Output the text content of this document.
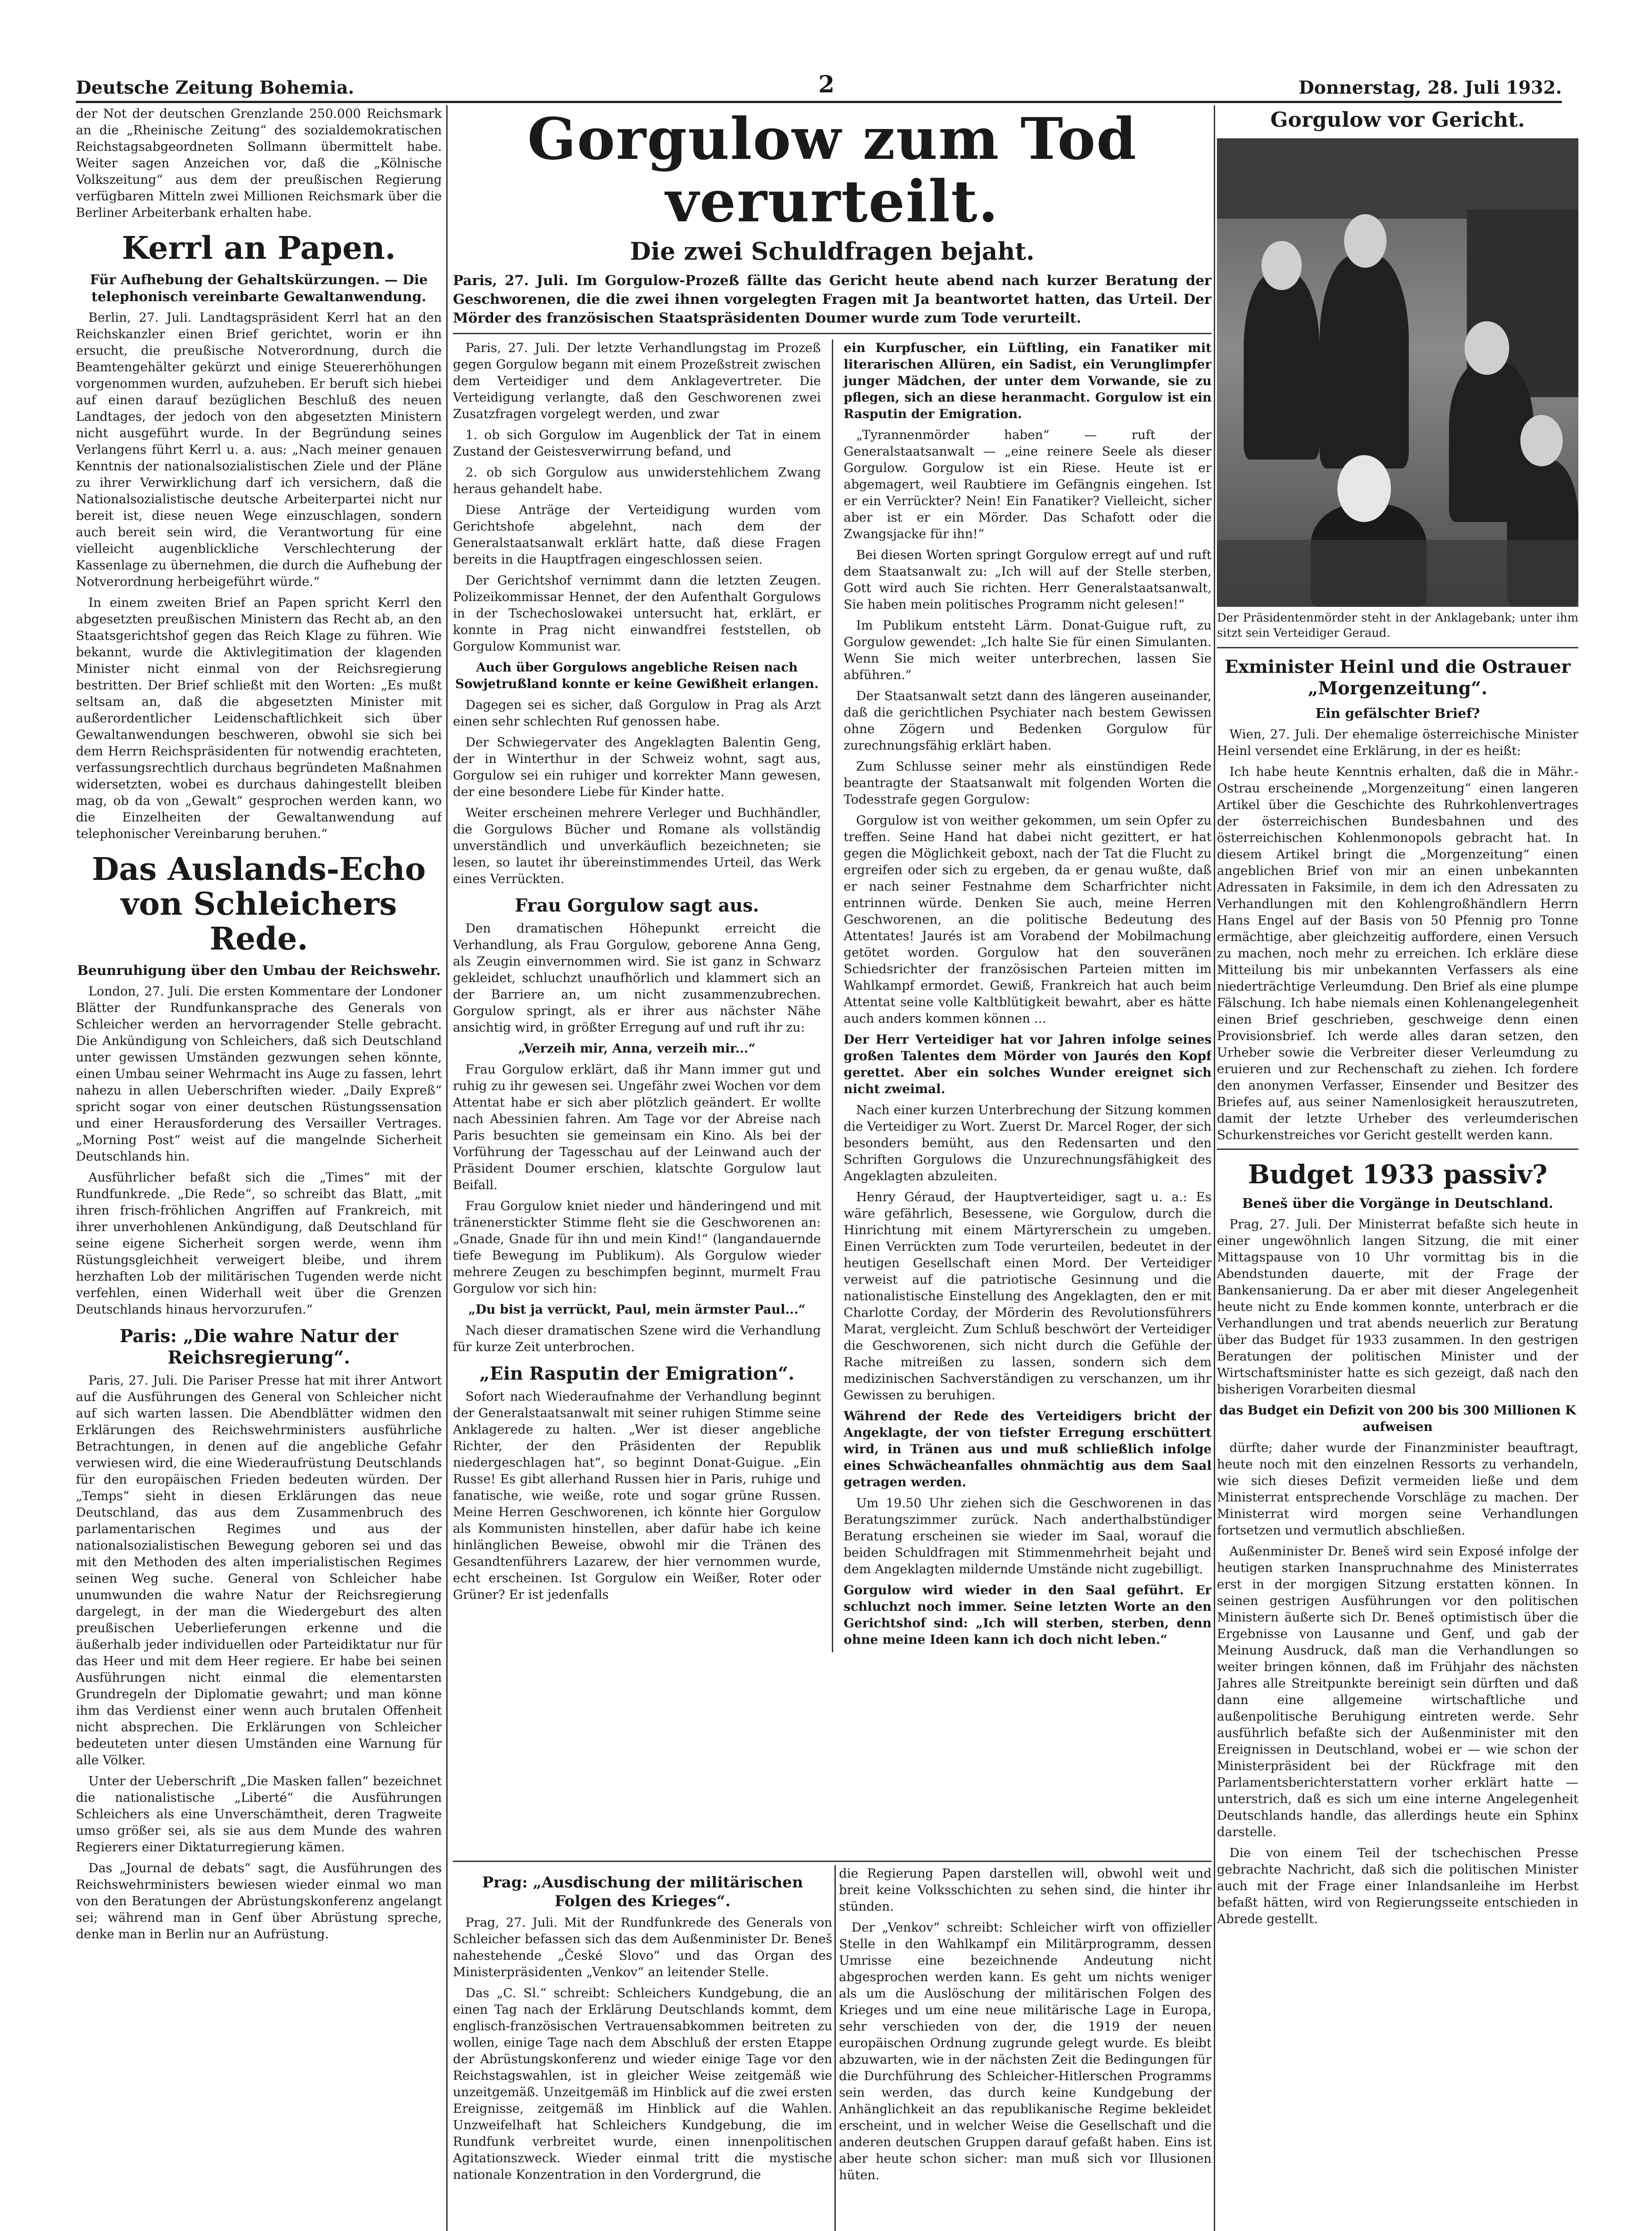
Deutsche Zeitung Bohemia.	2	Donnerstag, 28. Juli 1932.

der Not der deutschen Grenzlande 250.000 Reichsmark an die „Rheinische Zeitung“ des sozialdemokratischen Reichstagsabgeordneten Sollmann übermittelt habe. Weiter sagen Anzeichen vor, daß die „Kölnische Volkszeitung“ aus dem der preußischen Regierung verfügbaren Mitteln zwei Millionen Reichsmark über die Berliner Arbeiterbank erhalten habe.

Kerrl an Papen.
Für Aufhebung der Gehaltskürzungen. — Die telephonisch vereinbarte Gewaltanwendung.

Berlin, 27. Juli. Landtagspräsident Kerrl hat an den Reichskanzler einen Brief gerichtet, worin er ihn ersucht, die preußische Notverordnung, durch die Beamtengehälter gekürzt und einige Steuererhöhungen vorgenommen wurden, aufzuheben. Er beruft sich hiebei auf einen darauf bezüglichen Beschluß des neuen Landtages, der jedoch von den abgesetzten Ministern nicht ausgeführt wurde. In der Begründung seines Verlangens führt Kerrl u. a. aus: „Nach meiner genauen Kenntnis der nationalsozialistischen Ziele und der Pläne zu ihrer Verwirklichung darf ich versichern, daß die Nationalsozialistische deutsche Arbeiterpartei nicht nur bereit ist, diese neuen Wege einzuschlagen, sondern auch bereit sein wird, die Verantwortung für eine vielleicht augenblickliche Verschlechterung der Kassenlage zu übernehmen, die durch die Aufhebung der Notverordnung herbeigeführt würde.“

In einem zweiten Brief an Papen spricht Kerrl den abgesetzten preußischen Ministern das Recht ab, an den Staatsgerichtshof gegen das Reich Klage zu führen. Wie bekannt, wurde die Aktivlegitimation der klagenden Minister nicht einmal von der Reichsregierung bestritten. Der Brief schließt mit den Worten: „Es mußt seltsam an, daß die abgesetzten Minister mit außerordentlicher Leidenschaftlichkeit sich über Gewaltanwendungen beschweren, obwohl sie sich bei dem Herrn Reichspräsidenten für notwendig erachteten, verfassungsrechtlich durchaus begründeten Maßnahmen widersetzten, wobei es durchaus dahingestellt bleiben mag, ob da von „Gewalt“ gesprochen werden kann, wo die Einzelheiten der Gewaltanwendung auf telephonischer Vereinbarung beruhen.“

Das Auslands-Echo von Schleichers Rede.
Beunruhigung über den Umbau der Reichswehr.

London, 27. Juli. Die ersten Kommentare der Londoner Blätter der Rundfunkansprache des Generals von Schleicher werden an hervorragender Stelle gebracht. Die Ankündigung von Schleichers, daß sich Deutschland unter gewissen Umständen gezwungen sehen könnte, einen Umbau seiner Wehrmacht ins Auge zu fassen, lehrt nahezu in allen Ueberschriften wieder. „Daily Expreß“ spricht sogar von einer deutschen Rüstungssensation und einer Herausforderung des Versailler Vertrages. „Morning Post“ weist auf die mangelnde Sicherheit Deutschlands hin.

Ausführlicher befaßt sich die „Times“ mit der Rundfunkrede. „Die Rede“, so schreibt das Blatt, „mit ihren frisch-fröhlichen Angriffen auf Frankreich, mit ihrer unverhohlenen Ankündigung, daß Deutschland für seine eigene Sicherheit sorgen werde, wenn ihm Rüstungsgleichheit verweigert bleibe, und ihrem herzhaften Lob der militärischen Tugenden werde nicht verfehlen, einen Widerhall weit über die Grenzen Deutschlands hinaus hervorzurufen.“

Paris: „Die wahre Natur der Reichsregierung“.

Paris, 27. Juli. Die Pariser Presse hat mit ihrer Antwort auf die Ausführungen des General von Schleicher nicht auf sich warten lassen. Die Abendblätter widmen den Erklärungen des Reichswehrministers ausführliche Betrachtungen, in denen auf die angebliche Gefahr verwiesen wird, die eine Wiederaufrüstung Deutschlands für den europäischen Frieden bedeuten würden. Der „Temps“ sieht in diesen Erklärungen das neue Deutschland, das aus dem Zusammenbruch des parlamentarischen Regimes und aus der nationalsozialistischen Bewegung geboren sei und das mit den Methoden des alten imperialistischen Regimes seinen Weg suche. General von Schleicher habe unumwunden die wahre Natur der Reichsregierung dargelegt, in der man die Wiedergeburt des alten preußischen Ueberlieferungen erkenne und die äußerhalb jeder individuellen oder Parteidiktatur nur für das Heer und mit dem Heer regiere. Er habe bei seinen Ausführungen nicht einmal die elementarsten Grundregeln der Diplomatie gewahrt; und man könne ihm das Verdienst einer wenn auch brutalen Offenheit nicht absprechen. Die Erklärungen von Schleicher bedeuteten unter diesen Umständen eine Warnung für alle Völker.

Unter der Ueberschrift „Die Masken fallen“ bezeichnet die nationalistische „Liberté“ die Ausführungen Schleichers als eine Unverschämtheit, deren Tragweite umso größer sei, als sie aus dem Munde des wahren Regierers einer Diktaturregierung kämen.

Das „Journal de debats“ sagt, die Ausführungen des Reichswehrministers bewiesen wieder einmal wo man von den Beratungen der Abrüstungskonferenz angelangt sei; während man in Genf über Abrüstung spreche, denke man in Berlin nur an Aufrüstung.

Gorgulow zum Tod verurteilt.
Die zwei Schuldfragen bejaht.
Paris, 27. Juli. Im Gorgulow-Prozeß fällte das Gericht heute abend nach kurzer Beratung der Geschworenen, die die zwei ihnen vorgelegten Fragen mit Ja beantwortet hatten, das Urteil. Der Mörder des französischen Staatspräsidenten Doumer wurde zum Tode verurteilt.

Paris, 27. Juli. Der letzte Verhandlungstag im Prozeß gegen Gorgulow begann mit einem Prozeßstreit zwischen dem Verteidiger und dem Anklagevertreter. Die Verteidigung verlangte, daß den Geschworenen zwei Zusatzfragen vorgelegt werden, und zwar

1. ob sich Gorgulow im Augenblick der Tat in einem Zustand der Geistesverwirrung befand, und

2. ob sich Gorgulow aus unwiderstehlichem Zwang heraus gehandelt habe.

Diese Anträge der Verteidigung wurden vom Gerichtshofe abgelehnt, nach dem der Generalstaatsanwalt erklärt hatte, daß diese Fragen bereits in die Hauptfragen eingeschlossen seien.

Der Gerichtshof vernimmt dann die letzten Zeugen. Polizeikommissar Hennet, der den Aufenthalt Gorgulows in der Tschechoslowakei untersucht hat, erklärt, er konnte in Prag nicht einwandfrei feststellen, ob Gorgulow Kommunist war.

Auch über Gorgulows angebliche Reisen nach Sowjetrußland konnte er keine Gewißheit erlangen.

Dagegen sei es sicher, daß Gorgulow in Prag als Arzt einen sehr schlechten Ruf genossen habe.

Der Schwiegervater des Angeklagten Balentin Geng, der in Winterthur in der Schweiz wohnt, sagt aus, Gorgulow sei ein ruhiger und korrekter Mann gewesen, der eine besondere Liebe für Kinder hatte.

Weiter erscheinen mehrere Verleger und Buchhändler, die Gorgulows Bücher und Romane als vollständig unverständlich und unverkäuflich bezeichneten; sie lesen, so lautet ihr übereinstimmendes Urteil, das Werk eines Verrückten.

Frau Gorgulow sagt aus.

Den dramatischen Höhepunkt erreicht die Verhandlung, als Frau Gorgulow, geborene Anna Geng, als Zeugin einvernommen wird. Sie ist ganz in Schwarz gekleidet, schluchzt unaufhörlich und klammert sich an der Barriere an, um nicht zusammenzubrechen. Gorgulow springt, als er ihrer aus nächster Nähe ansichtig wird, in größter Erregung auf und ruft ihr zu:

„Verzeih mir, Anna, verzeih mir...“

Frau Gorgulow erklärt, daß ihr Mann immer gut und ruhig zu ihr gewesen sei. Ungefähr zwei Wochen vor dem Attentat habe er sich aber plötzlich geändert. Er wollte nach Abessinien fahren. Am Tage vor der Abreise nach Paris besuchten sie gemeinsam ein Kino. Als bei der Vorführung der Tagesschau auf der Leinwand auch der Präsident Doumer erschien, klatschte Gorgulow laut Beifall.

Frau Gorgulow kniet nieder und händeringend und mit tränenerstickter Stimme fleht sie die Geschworenen an: „Gnade, Gnade für ihn und mein Kind!“ (langandauernde tiefe Bewegung im Publikum). Als Gorgulow wieder mehrere Zeugen zu beschimpfen beginnt, murmelt Frau Gorgulow vor sich hin:

„Du bist ja verrückt, Paul, mein ärmster Paul...“

Nach dieser dramatischen Szene wird die Verhandlung für kurze Zeit unterbrochen.

„Ein Rasputin der Emigration“.

Sofort nach Wiederaufnahme der Verhandlung beginnt der Generalstaatsanwalt mit seiner ruhigen Stimme seine Anklagerede zu halten. „Wer ist dieser angebliche Richter, der den Präsidenten der Republik niedergeschlagen hat“, so beginnt Donat-Guigue. „Ein Russe! Es gibt allerhand Russen hier in Paris, ruhige und fanatische, wie weiße, rote und sogar grüne Russen. Meine Herren Geschworenen, ich könnte hier Gorgulow als Kommunisten hinstellen, aber dafür habe ich keine hinlänglichen Beweise, obwohl mir die Tränen des Gesandtenführers Lazarew, der hier vernommen wurde, echt erscheinen. Ist Gorgulow ein Weißer, Roter oder Grüner? Er ist jedenfalls

ein Kurpfuscher, ein Lüftling, ein Fanatiker mit literarischen Allüren, ein Sadist, ein Verunglimpfer junger Mädchen, der unter dem Vorwande, sie zu pflegen, sich an diese heranmacht. Gorgulow ist ein Rasputin der Emigration.

„Tyrannenmörder haben“ — ruft der Generalstaatsanwalt — „eine reinere Seele als dieser Gorgulow. Gorgulow ist ein Riese. Heute ist er abgemagert, weil Raubtiere im Gefängnis eingehen. Ist er ein Verrückter? Nein! Ein Fanatiker? Vielleicht, sicher aber ist er ein Mörder. Das Schafott oder die Zwangsjacke für ihn!“

Bei diesen Worten springt Gorgulow erregt auf und ruft dem Staatsanwalt zu: „Ich will auf der Stelle sterben, Gott wird auch Sie richten. Herr Generalstaatsanwalt, Sie haben mein politisches Programm nicht gelesen!“

Im Publikum entsteht Lärm. Donat-Guigue ruft, zu Gorgulow gewendet: „Ich halte Sie für einen Simulanten. Wenn Sie mich weiter unterbrechen, lassen Sie abführen.“

Der Staatsanwalt setzt dann des längeren auseinander, daß die gerichtlichen Psychiater nach bestem Gewissen ohne Zögern und Bedenken Gorgulow für zurechnungsfähig erklärt haben.

Zum Schlusse seiner mehr als einstündigen Rede beantragte der Staatsanwalt mit folgenden Worten die Todesstrafe gegen Gorgulow:

Gorgulow ist von weither gekommen, um sein Opfer zu treffen. Seine Hand hat dabei nicht gezittert, er hat gegen die Möglichkeit geboxt, nach der Tat die Flucht zu ergreifen oder sich zu ergeben, da er genau wußte, daß er nach seiner Festnahme dem Scharfrichter nicht entrinnen würde. Denken Sie auch, meine Herren Geschworenen, an die politische Bedeutung des Attentates! Jaurés ist am Vorabend der Mobilmachung getötet worden. Gorgulow hat den souveränen Schiedsrichter der französischen Parteien mitten im Wahlkampf ermordet. Gewiß, Frankreich hat auch beim Attentat seine volle Kaltblütigkeit bewahrt, aber es hätte auch anders kommen können ...

Der Herr Verteidiger hat vor Jahren infolge seines großen Talentes dem Mörder von Jaurés den Kopf gerettet. Aber ein solches Wunder ereignet sich nicht zweimal.

Nach einer kurzen Unterbrechung der Sitzung kommen die Verteidiger zu Wort. Zuerst Dr. Marcel Roger, der sich besonders bemüht, aus den Redensarten und den Schriften Gorgulows die Unzurechnungsfähigkeit des Angeklagten abzuleiten.

Henry Géraud, der Hauptverteidiger, sagt u. a.: Es wäre gefährlich, Besessene, wie Gorgulow, durch die Hinrichtung mit einem Märtyrerschein zu umgeben. Einen Verrückten zum Tode verurteilen, bedeutet in der heutigen Gesellschaft einen Mord. Der Verteidiger verweist auf die patriotische Gesinnung und die nationalistische Einstellung des Angeklagten, den er mit Charlotte Corday, der Mörderin des Revolutionsführers Marat, vergleicht. Zum Schluß beschwört der Verteidiger die Geschworenen, sich nicht durch die Gefühle der Rache mitreißen zu lassen, sondern sich dem medizinischen Sachverständigen zu verschanzen, um ihr Gewissen zu beruhigen.

Während der Rede des Verteidigers bricht der Angeklagte, der von tiefster Erregung erschüttert wird, in Tränen aus und muß schließlich infolge eines Schwächeanfalles ohnmächtig aus dem Saal getragen werden.

Um 19.50 Uhr ziehen sich die Geschworenen in das Beratungszimmer zurück. Nach anderthalbstündiger Beratung erscheinen sie wieder im Saal, worauf die beiden Schuldfragen mit Stimmenmehrheit bejaht und dem Angeklagten mildernde Umstände nicht zugebilligt.

Gorgulow wird wieder in den Saal geführt. Er schluchzt noch immer. Seine letzten Worte an den Gerichtshof sind: „Ich will sterben, sterben, denn ohne meine Ideen kann ich doch nicht leben.“

Prag: „Ausdischung der militärischen Folgen des Krieges“.

Prag, 27. Juli. Mit der Rundfunkrede des Generals von Schleicher befassen sich das dem Außenminister Dr. Beneš nahestehende „České Slovo“ und das Organ des Ministerpräsidenten „Venkov“ an leitender Stelle.

Das „C. Sl.“ schreibt: Schleichers Kundgebung, die an einen Tag nach der Erklärung Deutschlands kommt, dem englisch-französischen Vertrauensabkommen beitreten zu wollen, einige Tage nach dem Abschluß der ersten Etappe der Abrüstungskonferenz und wieder einige Tage vor den Reichstagswahlen, ist in gleicher Weise zeitgemäß wie unzeitgemäß. Unzeitgemäß im Hinblick auf die zwei ersten Ereignisse, zeitgemäß im Hinblick auf die Wahlen. Unzweifelhaft hat Schleichers Kundgebung, die im Rundfunk verbreitet wurde, einen innenpolitischen Agitationszweck. Wieder einmal tritt die mystische nationale Konzentration in den Vordergrund, die

die Regierung Papen darstellen will, obwohl weit und breit keine Volksschichten zu sehen sind, die hinter ihr stünden.

Der „Venkov“ schreibt: Schleicher wirft von offizieller Stelle in den Wahlkampf ein Militärprogramm, dessen Umrisse eine bezeichnende Andeutung nicht abgesprochen werden kann. Es geht um nichts weniger als um die Auslöschung der militärischen Folgen des Krieges und um eine neue militärische Lage in Europa, sehr verschieden von der, die 1919 der neuen europäischen Ordnung zugrunde gelegt wurde. Es bleibt abzuwarten, wie in der nächsten Zeit die Bedingungen für die Durchführung des Schleicher-Hitlerschen Programms sein werden, das durch keine Kundgebung der Anhänglichkeit an das republikanische Regime bekleidet erscheint, und in welcher Weise die Gesellschaft und die anderen deutschen Gruppen darauf gefaßt haben. Eins ist aber heute schon sicher: man muß sich vor Illusionen hüten.

Gorgulow vor Gericht.
Der Präsidentenmörder steht in der Anklagebank; unter ihm sitzt sein Verteidiger Geraud.
Exminister Heinl und die Ostrauer „Morgenzeitung“.
Ein gefälschter Brief?

Wien, 27. Juli. Der ehemalige österreichische Minister Heinl versendet eine Erklärung, in der es heißt:

Ich habe heute Kenntnis erhalten, daß die in Mähr.-Ostrau erscheinende „Morgenzeitung“ einen langeren Artikel über die Geschichte des Ruhrkohlenvertrages der österreichischen Bundesbahnen und des österreichischen Kohlenmonopols gebracht hat. In diesem Artikel bringt die „Morgenzeitung“ einen angeblichen Brief von mir an einen unbekannten Adressaten in Faksimile, in dem ich den Adressaten zu Verhandlungen mit den Kohlengroßhändlern Herrn Hans Engel auf der Basis von 50 Pfennig pro Tonne ermächtige, aber gleichzeitig auffordere, einen Versuch zu machen, noch mehr zu erreichen. Ich erkläre diese Mitteilung bis mir unbekannten Verfassers als eine niederträchtige Verleumdung. Den Brief als eine plumpe Fälschung. Ich habe niemals einen Kohlenangelegenheit einen Brief geschrieben, geschweige denn einen Provisionsbrief. Ich werde alles daran setzen, den Urheber sowie die Verbreiter dieser Verleumdung zu eruieren und zur Rechenschaft zu ziehen. Ich fordere den anonymen Verfasser, Einsender und Besitzer des Briefes auf, aus seiner Namenlosigkeit herauszutreten, damit der letzte Urheber des verleumderischen Schurkenstreiches vor Gericht gestellt werden kann.

Budget 1933 passiv?
Beneš über die Vorgänge in Deutschland.

Prag, 27. Juli. Der Ministerrat befaßte sich heute in einer ungewöhnlich langen Sitzung, die mit einer Mittagspause von 10 Uhr vormittag bis in die Abendstunden dauerte, mit der Frage der Bankensanierung. Da er aber mit dieser Angelegenheit heute nicht zu Ende kommen konnte, unterbrach er die Verhandlungen und trat abends neuerlich zur Beratung über das Budget für 1933 zusammen. In den gestrigen Beratungen der politischen Minister und der Wirtschaftsminister hatte es sich gezeigt, daß nach den bisherigen Vorarbeiten diesmal

das Budget ein Defizit von 200 bis 300 Millionen K aufweisen

dürfte; daher wurde der Finanzminister beauftragt, heute noch mit den einzelnen Ressorts zu verhandeln, wie sich dieses Defizit vermeiden ließe und dem Ministerrat entsprechende Vorschläge zu machen. Der Ministerrat wird morgen seine Verhandlungen fortsetzen und vermutlich abschließen.

Außenminister Dr. Beneš wird sein Exposé infolge der heutigen starken Inanspruchnahme des Ministerrates erst in der morgigen Sitzung erstatten können. In seinen gestrigen Ausführungen vor den politischen Ministern äußerte sich Dr. Beneš optimistisch über die Ergebnisse von Lausanne und Genf, und gab der Meinung Ausdruck, daß man die Verhandlungen so weiter bringen können, daß im Frühjahr des nächsten Jahres alle Streitpunkte bereinigt sein dürften und daß dann eine allgemeine wirtschaftliche und außenpolitische Beruhigung eintreten werde. Sehr ausführlich befaßte sich der Außenminister mit den Ereignissen in Deutschland, wobei er — wie schon der Ministerpräsident bei der Rückfrage mit den Parlamentsberichterstattern vorher erklärt hatte — unterstrich, daß es sich um eine interne Angelegenheit Deutschlands handle, das allerdings heute ein Sphinx darstelle.

Die von einem Teil der tschechischen Presse gebrachte Nachricht, daß sich die politischen Minister auch mit der Frage einer Inlandsanleihe im Herbst befaßt hätten, wird von Regierungsseite entschieden in Abrede gestellt.
